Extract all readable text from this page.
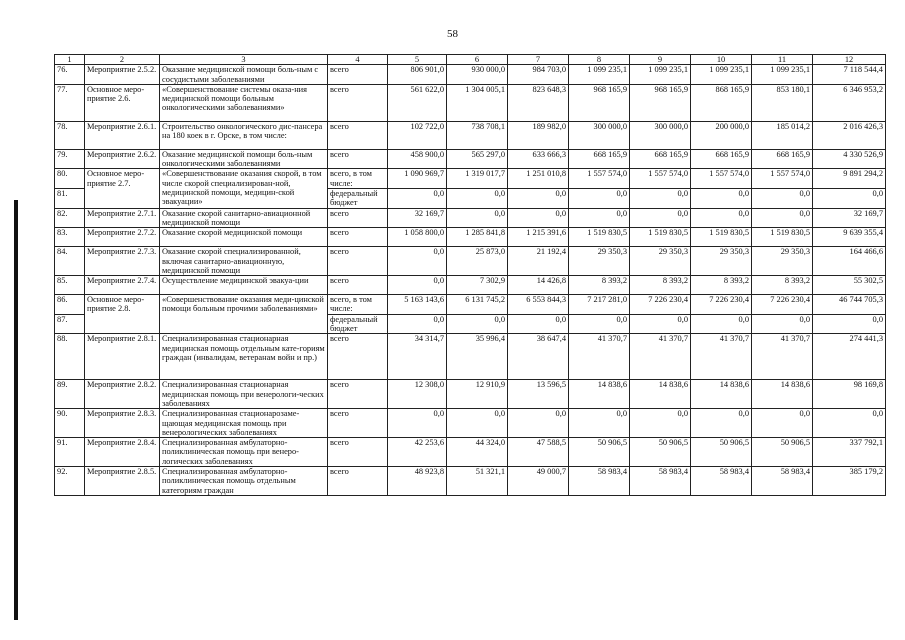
58
1	2	3	4	5	6	7	8	9	10	11	12
76.	Мероприятие 2.5.2.	Оказание медицинской помощи боль-ным с сосудистыми заболеваниями	всего	806 901,0	930 000,0	984 703,0	1 099 235,1	1 099 235,1	1 099 235,1	1 099 235,1	7 118 544,4
77.	Основное меро-приятие 2.6.	«Совершенствование системы оказа-ния медицинской помощи больным онкологическими заболеваниями»	всего	561 622,0	1 304 005,1	823 648,3	968 165,9	968 165,9	868 165,9	853 180,1	6 346 953,2
78.	Мероприятие 2.6.1.	Строительство онкологического дис-пансера на 180 коек в г. Орске, в том числе:	всего	102 722,0	738 708,1	189 982,0	300 000,0	300 000,0	200 000,0	185 014,2	2 016 426,3
79.	Мероприятие 2.6.2.	Оказание медицинской помощи боль-ным онкологическими заболеваниями	всего	458 900,0	565 297,0	633 666,3	668 165,9	668 165,9	668 165,9	668 165,9	4 330 526,9
80.	Основное меро-приятие 2.7.	«Совершенствование оказания скорой, в том числе скорой специализирован-ной, медицинской помощи, медицин-ской эвакуации»	всего, в том числе:	1 090 969,7	1 319 017,7	1 251 010,8	1 557 574,0	1 557 574,0	1 557 574,0	1 557 574,0	9 891 294,2
81.			федеральный бюджет	0,0	0,0	0,0	0,0	0,0	0,0	0,0	0,0
82.	Мероприятие 2.7.1.	Оказание скорой санитарно-авиационной медицинской помощи	всего	32 169,7	0,0	0,0	0,0	0,0	0,0	0,0	32 169,7
83.	Мероприятие 2.7.2.	Оказание скорой медицинской помощи	всего	1 058 800,0	1 285 841,8	1 215 391,6	1 519 830,5	1 519 830,5	1 519 830,5	1 519 830,5	9 639 355,4
84.	Мероприятие 2.7.3.	Оказание скорой специализированной, включая санитарно-авиационную, медицинской помощи	всего	0,0	25 873,0	21 192,4	29 350,3	29 350,3	29 350,3	29 350,3	164 466,6
85.	Мероприятие 2.7.4.	Осуществление медицинской эвакуа-ции	всего	0,0	7 302,9	14 426,8	8 393,2	8 393,2	8 393,2	8 393,2	55 302,5
86.	Основное меро-приятие 2.8.	«Совершенствование оказания меди-цинской помощи больным прочими заболеваниями»	всего, в том числе:	5 163 143,6	6 131 745,2	6 553 844,3	7 217 281,0	7 226 230,4	7 226 230,4	7 226 230,4	46 744 705,3
87.			федеральный бюджет	0,0	0,0	0,0	0,0	0,0	0,0	0,0	0,0
88.	Мероприятие 2.8.1.	Специализированная стационарная медицинская помощь отдельным кате-гориям граждан (инвалидам, ветеранам войн и пр.)	всего	34 314,7	35 996,4	38 647,4	41 370,7	41 370,7	41 370,7	41 370,7	274 441,3
89.	Мероприятие 2.8.2.	Специализированная стационарная медицинская помощь при венерологи-ческих заболеваниях	всего	12 308,0	12 910,9	13 596,5	14 838,6	14 838,6	14 838,6	14 838,6	98 169,8
90.	Мероприятие 2.8.3.	Специализированная стационарозаме-щающая медицинская помощь при венерологических заболеваниях	всего	0,0	0,0	0,0	0,0	0,0	0,0	0,0	0,0
91.	Мероприятие 2.8.4.	Специализированная амбулаторно-поликлиническая помощь при венеро-логических заболеваниях	всего	42 253,6	44 324,0	47 588,5	50 906,5	50 906,5	50 906,5	50 906,5	337 792,1
92.	Мероприятие 2.8.5.	Специализированная амбулаторно-поликлиническая помощь отдельным категориям граждан	всего	48 923,8	51 321,1	49 000,7	58 983,4	58 983,4	58 983,4	58 983,4	385 179,2
